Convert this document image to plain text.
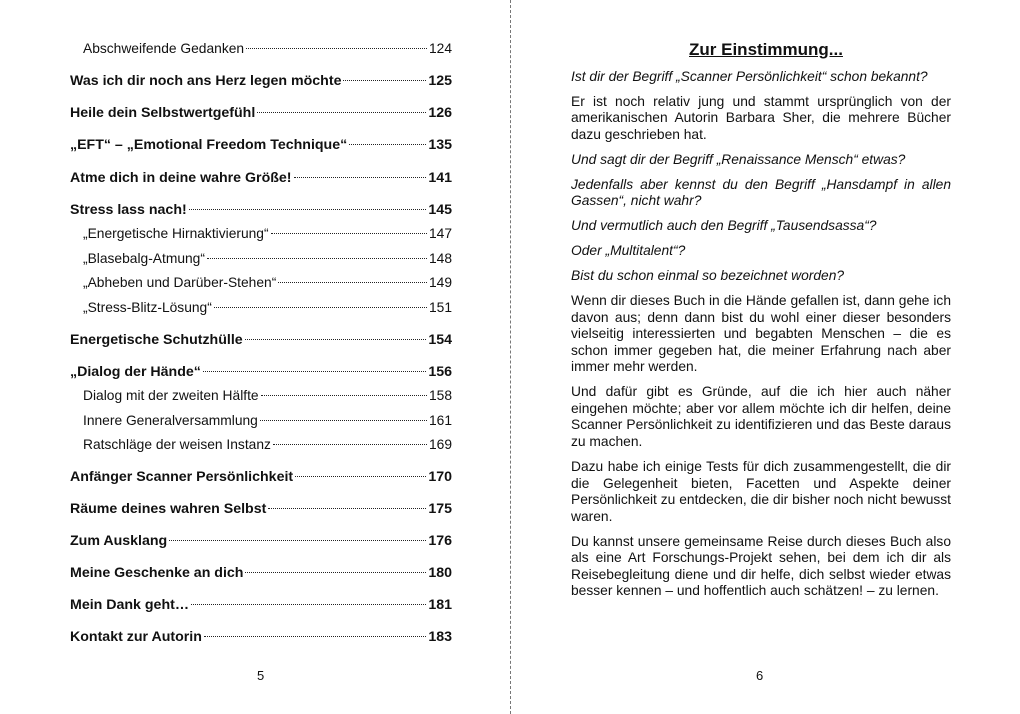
Abschweifende Gedanken	124
Was ich dir noch ans Herz legen möchte	125
Heile dein Selbstwertgefühl	126
„EFT“ – „Emotional Freedom Technique“	135
Atme dich in deine wahre Größe!	141
Stress lass nach!	145
„Energetische Hirnaktivierung“	147
„Blasebalg-Atmung“	148
„Abheben und Darüber-Stehen“	149
„Stress-Blitz-Lösung“	151
Energetische Schutzhülle	154
„Dialog der Hände“	156
Dialog mit der zweiten Hälfte	158
Innere Generalversammlung	161
Ratschläge der weisen Instanz	169
Anfänger Scanner Persönlichkeit	170
Räume deines wahren Selbst	175
Zum Ausklang	176
Meine Geschenke an dich	180
Mein Dank geht…	181
Kontakt zur Autorin	183
5
Zur Einstimmung...

Ist dir der Begriff „Scanner Persönlichkeit“ schon bekannt?

Er ist noch relativ jung und stammt ursprünglich von der amerikanischen Autorin Barbara Sher, die mehrere Bücher dazu geschrieben hat.

Und sagt dir der Begriff „Renaissance Mensch“ etwas?

Jedenfalls aber kennst du den Begriff „Hansdampf in allen Gassen“, nicht wahr?

Und vermutlich auch den Begriff „Tausendsassa“?

Oder „Multitalent“?

Bist du schon einmal so bezeichnet worden?

Wenn dir dieses Buch in die Hände gefallen ist, dann gehe ich davon aus; denn dann bist du wohl einer dieser besonders vielseitig interessierten und begabten Menschen – die es schon immer gegeben hat, die meiner Erfahrung nach aber immer mehr werden.

Und dafür gibt es Gründe, auf die ich hier auch näher eingehen möchte; aber vor allem möchte ich dir helfen, deine Scanner Persönlichkeit zu identifizieren und das Beste daraus zu machen.

Dazu habe ich einige Tests für dich zusammengestellt, die dir die Gelegenheit bieten, Facetten und Aspekte deiner Persönlichkeit zu entdecken, die dir bisher noch nicht bewusst waren.

Du kannst unsere gemeinsame Reise durch dieses Buch also als eine Art Forschungs-Projekt sehen, bei dem ich dir als Reisebegleitung diene und dir helfe, dich selbst wieder etwas besser kennen – und hoffentlich auch schätzen! – zu lernen.

6
